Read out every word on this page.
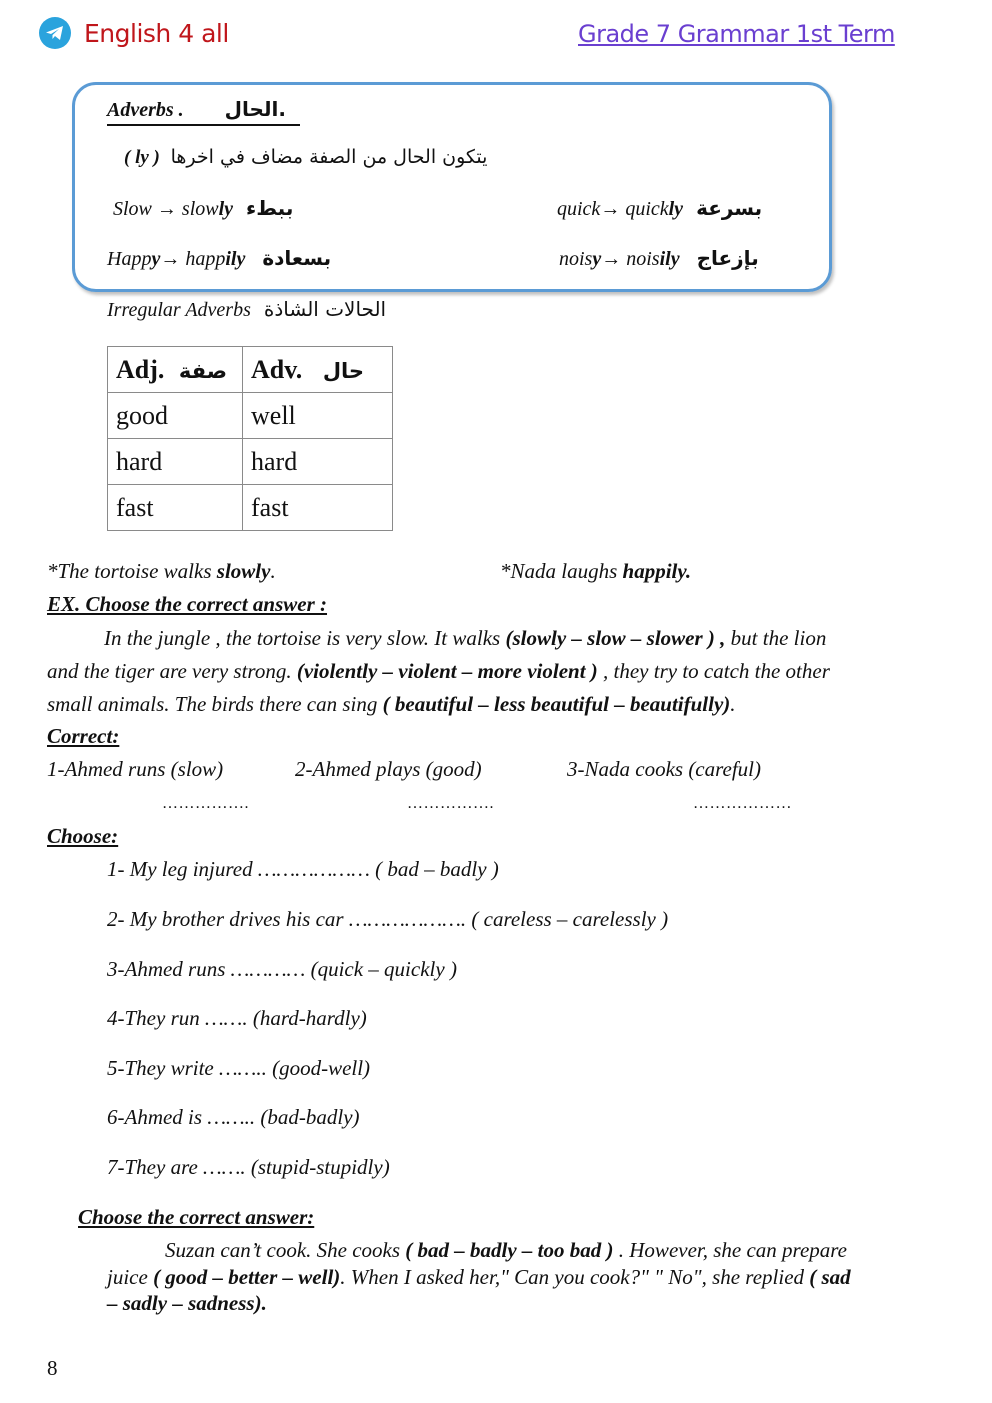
English 4 all	Grade 7 Grammar 1st Term
Adverbs . الحال.
( ly ) يتكون الحال من الصفة مضاف في اخرها
Slow → slowly ببطء	quick→ quickly بسرعة
Happy→ happily بسعادة	noisy→ noisily بإزعاج
Irregular Adverbs الحالات الشاذة
Adj. صفة	Adv. حال
good	well
hard	hard
fast	fast
*The tortoise walks slowly.	*Nada laughs happily.
EX. Choose the correct answer :
In the jungle , the tortoise is very slow. It walks (slowly – slow – slower ) , but the lion
and the tiger are very strong. (violently – violent – more violent ) , they try to catch the other
small animals. The birds there can sing ( beautiful – less beautiful – beautifully).
Correct:
1-Ahmed runs (slow)	2-Ahmed plays (good)	3-Nada cooks (careful)
…………….	…………….	………………
Choose:
1- My leg injured ……………… ( bad – badly )
2- My brother drives his car ………………. ( careless – carelessly )
3-Ahmed runs ………… (quick – quickly )
4-They run ……. (hard-hardly)
5-They write …….. (good-well)
6-Ahmed is …….. (bad-badly)
7-They are ……. (stupid-stupidly)
Choose the correct answer:
Suzan can’t cook. She cooks ( bad – badly – too bad ) . However, she can prepare
juice ( good – better – well). When I asked her," Can you cook?" " No", she replied ( sad
– sadly – sadness).
8
